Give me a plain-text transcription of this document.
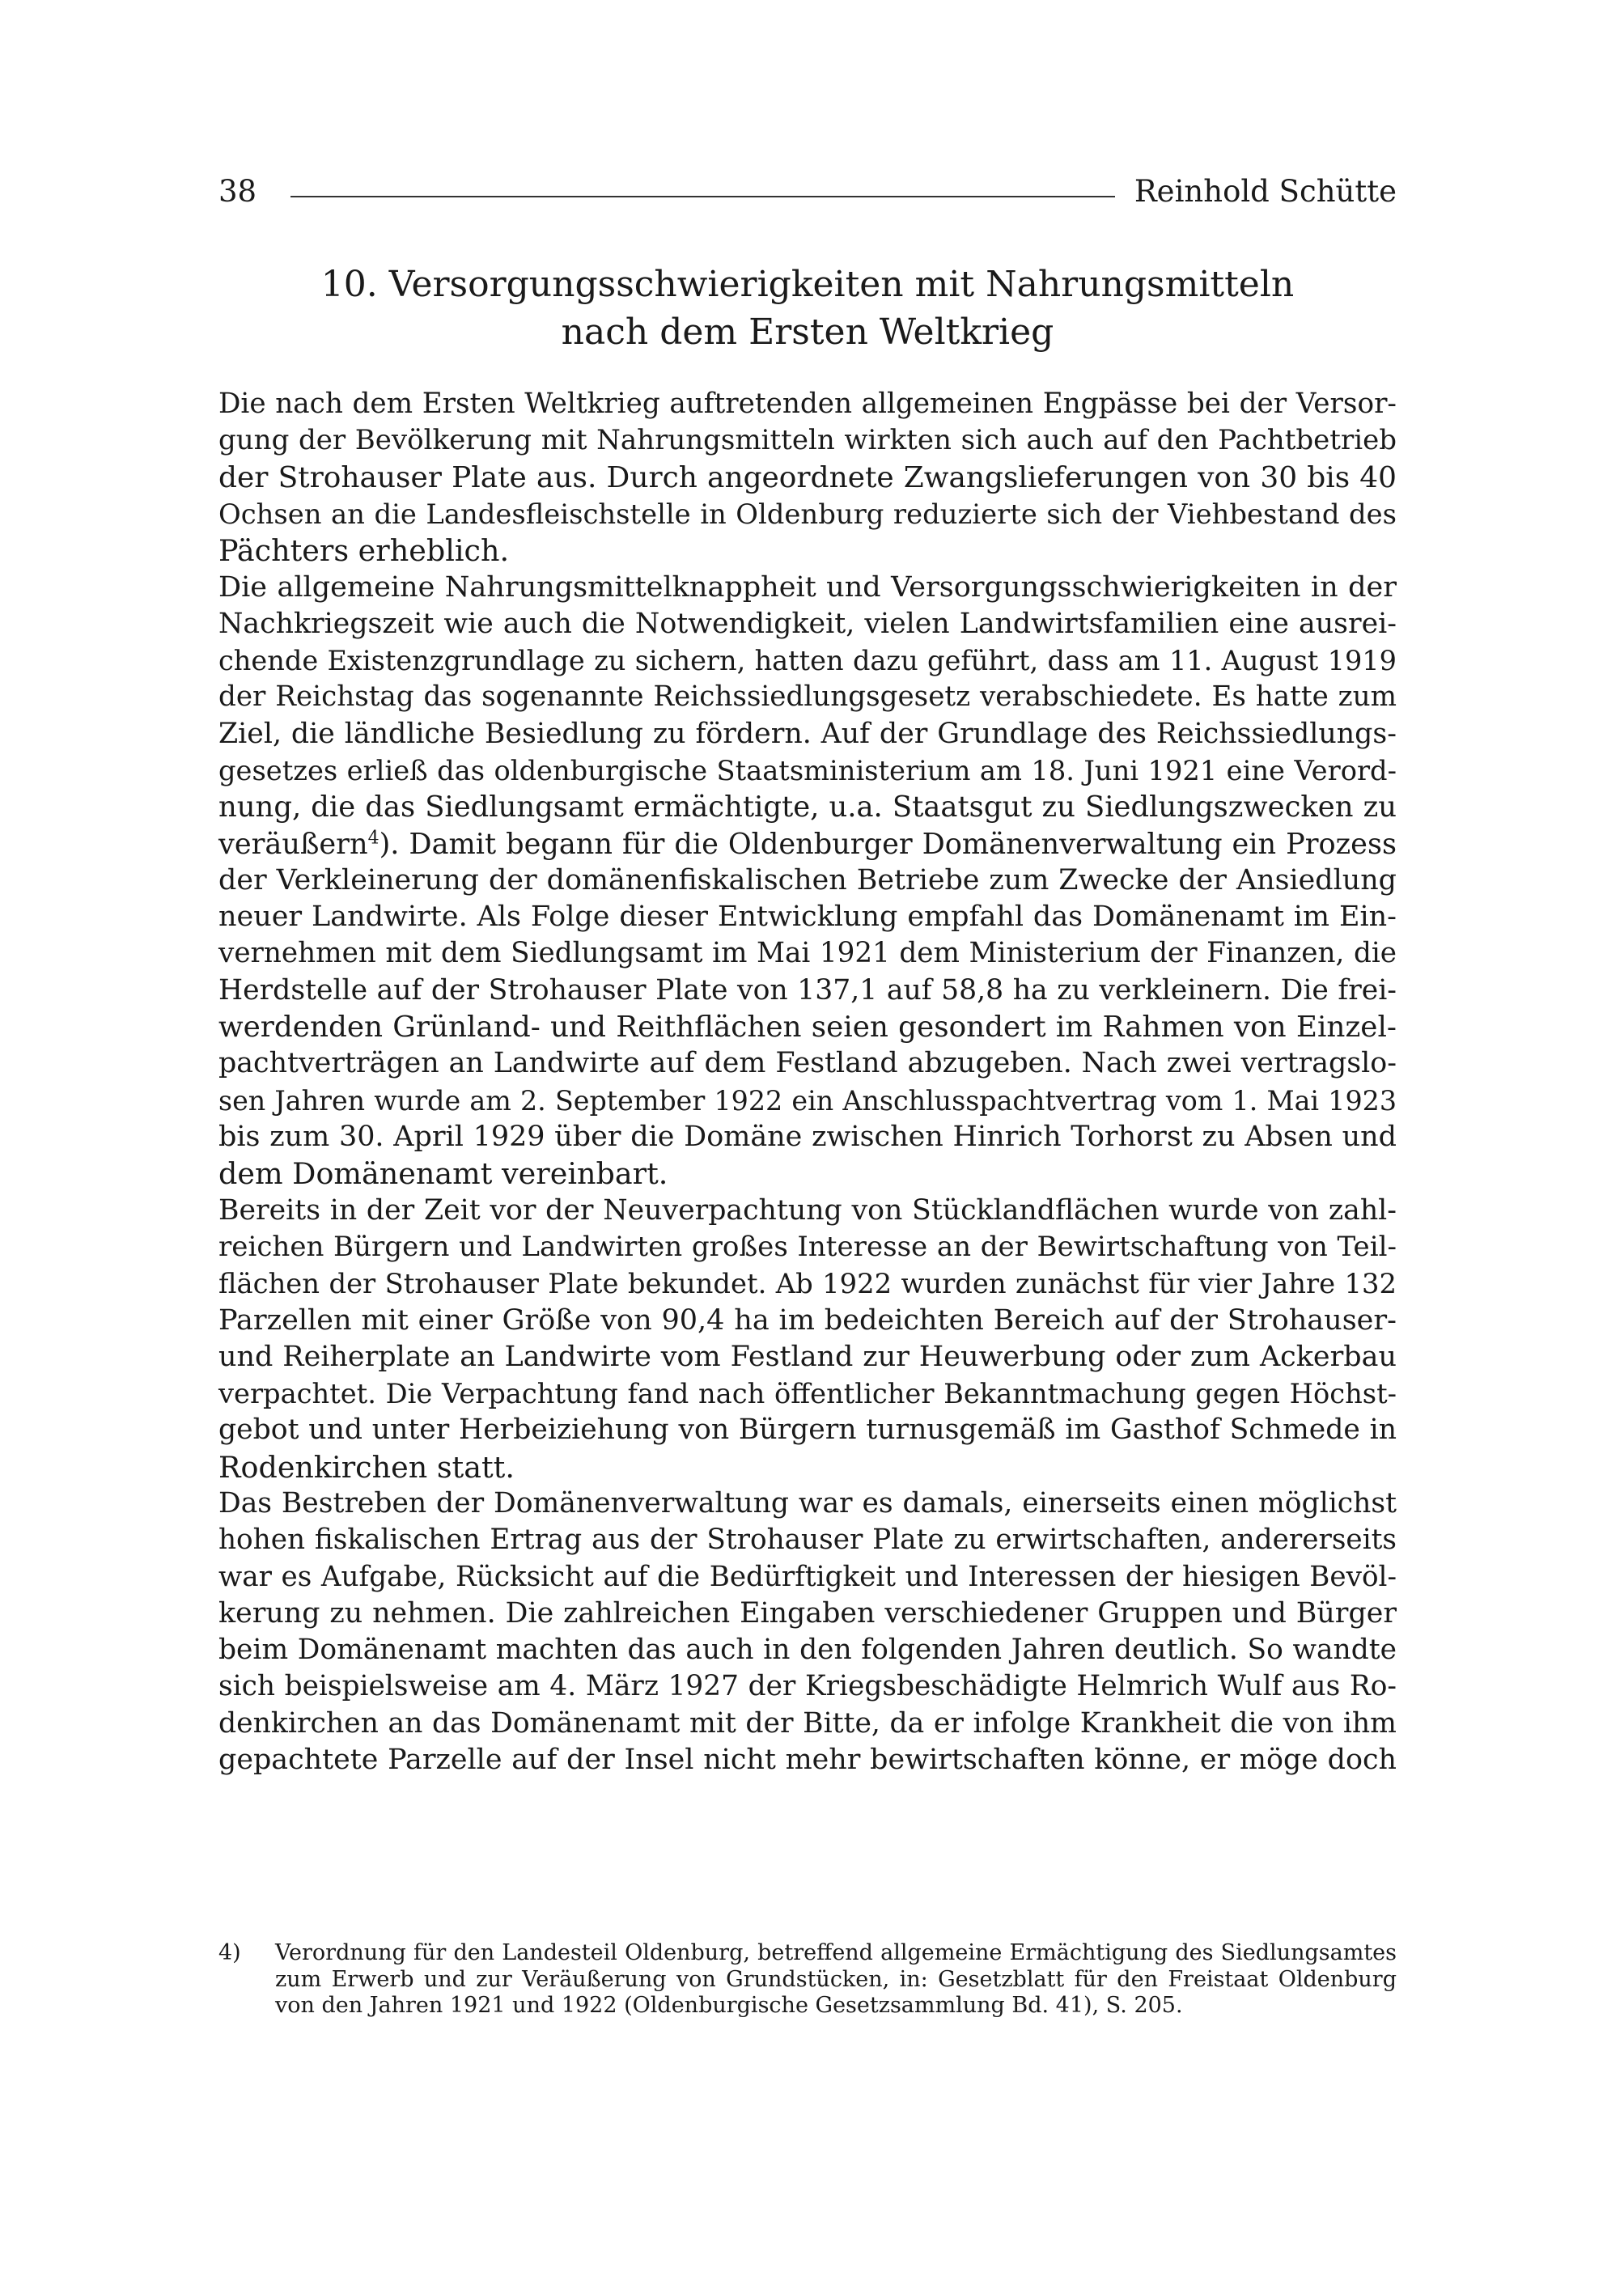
38	Reinhold Schütte
10. Versorgungsschwierigkeiten mit Nahrungsmitteln
nach dem Ersten Weltkrieg

Die nach dem Ersten Weltkrieg auftretenden allgemeinen Engpässe bei der Versor-
gung der Bevölkerung mit Nahrungsmitteln wirkten sich auch auf den Pachtbetrieb
der Strohauser Plate aus. Durch angeordnete Zwangslieferungen von 30 bis 40
Ochsen an die Landesfleischstelle in Oldenburg reduzierte sich der Viehbestand des
Pächters erheblich.

Die allgemeine Nahrungsmittelknappheit und Versorgungsschwierigkeiten in der
Nachkriegszeit wie auch die Notwendigkeit, vielen Landwirtsfamilien eine ausrei-
chende Existenzgrundlage zu sichern, hatten dazu geführt, dass am 11. August 1919
der Reichstag das sogenannte Reichssiedlungsgesetz verabschiedete. Es hatte zum
Ziel, die ländliche Besiedlung zu fördern. Auf der Grundlage des Reichssiedlungs-
gesetzes erließ das oldenburgische Staatsministerium am 18. Juni 1921 eine Verord-
nung, die das Siedlungsamt ermächtigte, u.a. Staatsgut zu Siedlungszwecken zu
veräußern$^4$). Damit begann für die Oldenburger Domänenverwaltung ein Prozess
der Verkleinerung der domänenfiskalischen Betriebe zum Zwecke der Ansiedlung
neuer Landwirte. Als Folge dieser Entwicklung empfahl das Domänenamt im Ein-
vernehmen mit dem Siedlungsamt im Mai 1921 dem Ministerium der Finanzen, die
Herdstelle auf der Strohauser Plate von 137,1 auf 58,8 ha zu verkleinern. Die frei-
werdenden Grünland- und Reithflächen seien gesondert im Rahmen von Einzel-
pachtverträgen an Landwirte auf dem Festland abzugeben. Nach zwei vertragslo-
sen Jahren wurde am 2. September 1922 ein Anschlusspachtvertrag vom 1. Mai 1923
bis zum 30. April 1929 über die Domäne zwischen Hinrich Torhorst zu Absen und
dem Domänenamt vereinbart.

Bereits in der Zeit vor der Neuverpachtung von Stücklandflächen wurde von zahl-
reichen Bürgern und Landwirten großes Interesse an der Bewirtschaftung von Teil-
flächen der Strohauser Plate bekundet. Ab 1922 wurden zunächst für vier Jahre 132
Parzellen mit einer Größe von 90,4 ha im bedeichten Bereich auf der Strohauser-
und Reiherplate an Landwirte vom Festland zur Heuwerbung oder zum Ackerbau
verpachtet. Die Verpachtung fand nach öffentlicher Bekanntmachung gegen Höchst-
gebot und unter Herbeiziehung von Bürgern turnusgemäß im Gasthof Schmede in
Rodenkirchen statt.

Das Bestreben der Domänenverwaltung war es damals, einerseits einen möglichst
hohen fiskalischen Ertrag aus der Strohauser Plate zu erwirtschaften, andererseits
war es Aufgabe, Rücksicht auf die Bedürftigkeit und Interessen der hiesigen Bevöl-
kerung zu nehmen. Die zahlreichen Eingaben verschiedener Gruppen und Bürger
beim Domänenamt machten das auch in den folgenden Jahren deutlich. So wandte
sich beispielsweise am 4. März 1927 der Kriegsbeschädigte Helmrich Wulf aus Ro-
denkirchen an das Domänenamt mit der Bitte, da er infolge Krankheit die von ihm
gepachtete Parzelle auf der Insel nicht mehr bewirtschaften könne, er möge doch

4)	Verordnung für den Landesteil Oldenburg, betreffend allgemeine Ermächtigung des Siedlungsamtes
zum Erwerb und zur Veräußerung von Grundstücken, in: Gesetzblatt für den Freistaat Oldenburg
von den Jahren 1921 und 1922 (Oldenburgische Gesetzsammlung Bd. 41), S. 205.
